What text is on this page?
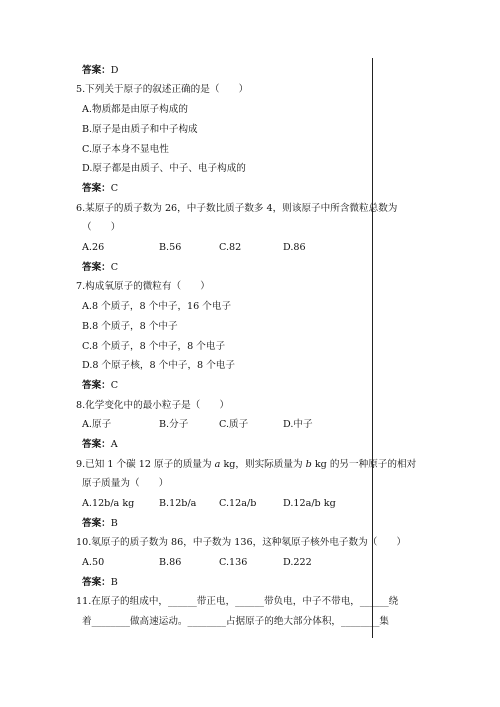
答案：D
5.下列关于原子的叙述正确的是（　　）
A.物质都是由原子构成的
B.原子是由质子和中子构成
C.原子本身不显电性
D.原子都是由质子、中子、电子构成的
答案：C
6.某原子的质子数为 26，中子数比质子数多 4，则该原子中所含微粒总数为
（　　）
A.26	B.56	C.82	D.86
答案：C
7.构成氧原子的微粒有（　　）
A.8 个质子，8 个中子，16 个电子
B.8 个质子，8 个中子
C.8 个质子，8 个中子，8 个电子
D.8 个原子核，8 个中子，8 个电子
答案：C
8.化学变化中的最小粒子是（　　）
A.原子	B.分子	C.质子	D.中子
答案：A
9.已知 1 个碳 12 原子的质量为 a kg，则实际质量为 b kg 的另一种原子的相对
原子质量为（　　）
A.12b/a kg	B.12b/a C.12a/b	D.12a/b kg
答案：B
10.氡原子的质子数为 86，中子数为 136，这种氡原子核外电子数为（　　）
A.50	B.86	C.136	D.222
答案：B
11.在原子的组成中，______带正电，______带负电，中子不带电，______绕
着________做高速运动。________占据原子的绝大部分体积，________集
